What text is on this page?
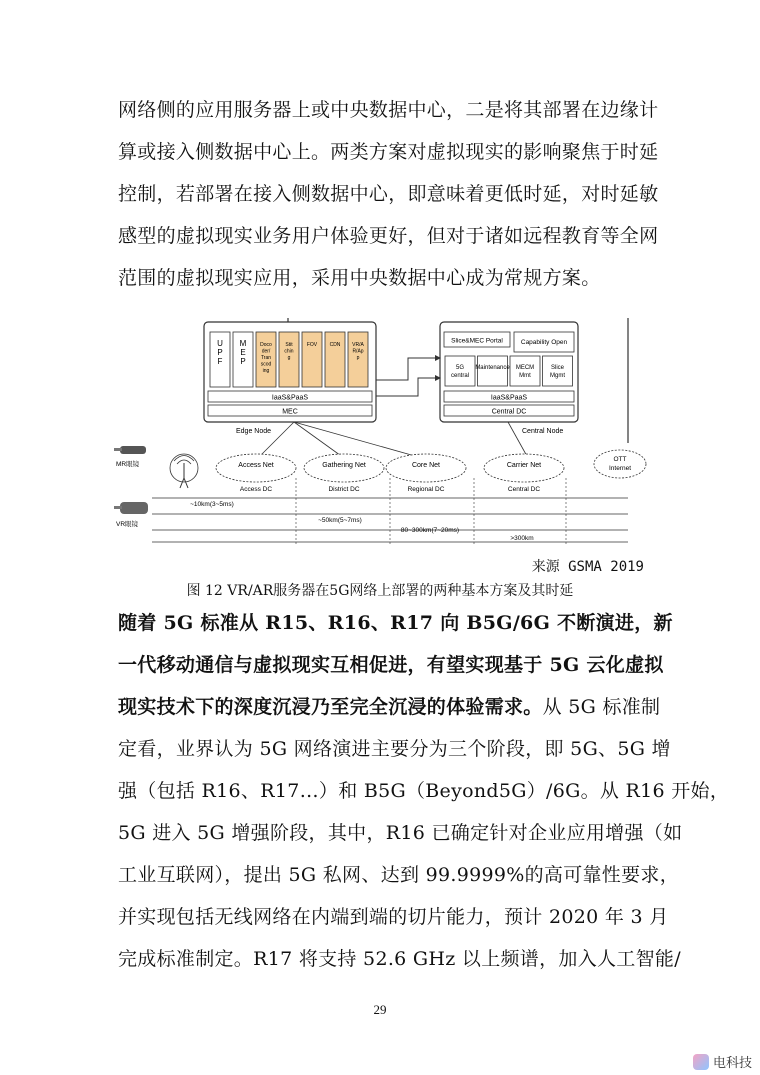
网络侧的应用服务器上或中央数据中心，二是将其部署在边缘计
算或接入侧数据中心上。两类方案对虚拟现实的影响聚焦于时延
控制，若部署在接入侧数据中心，即意味着更低时延，对时延敏
感型的虚拟现实业务用户体验更好，但对于诸如远程教育等全网
范围的虚拟现实应用，采用中央数据中心成为常规方案。
U P F
M E P
Doco der/ Tran scod ing
Stit chin g
FOV CDN VR/A R/Ap p
IaaS&PaaS
MEC
Edge Node
Slice&MEC Portal	Capability Open
5G central
Maintenance MECM Mmt
Slice Mgmt
IaaS&PaaS
Central DC
Central Node
MR眼镜
VR眼镜
Access Net
Access DC
Gathering Net
District DC
Core Net
Regional DC
Carrier Net
Central DC
OTT
Internet
~10km(3~5ms)
~50km(5~7ms)
80~300km(7~20ms)
>300km
来源 GSMA 2019
图 12 VR/AR服务器在5G网络上部署的两种基本方案及其时延
随着 5G 标准从 R15、R16、R17 向 B5G/6G 不断演进，新
一代移动通信与虚拟现实互相促进，有望实现基于 5G 云化虚拟
现实技术下的深度沉浸乃至完全沉浸的体验需求。从 5G 标准制
定看，业界认为 5G 网络演进主要分为三个阶段，即 5G、5G 增
强（包括 R16、R17…）和 B5G（Beyond5G）/6G。从 R16 开始，
5G 进入 5G 增强阶段，其中，R16 已确定针对企业应用增强（如
工业互联网），提出 5G 私网、达到 99.9999%的高可靠性要求，
并实现包括无线网络在内端到端的切片能力，预计 2020 年 3 月
完成标准制定。R17 将支持 52.6 GHz 以上频谱，加入人工智能/
29
电科技
